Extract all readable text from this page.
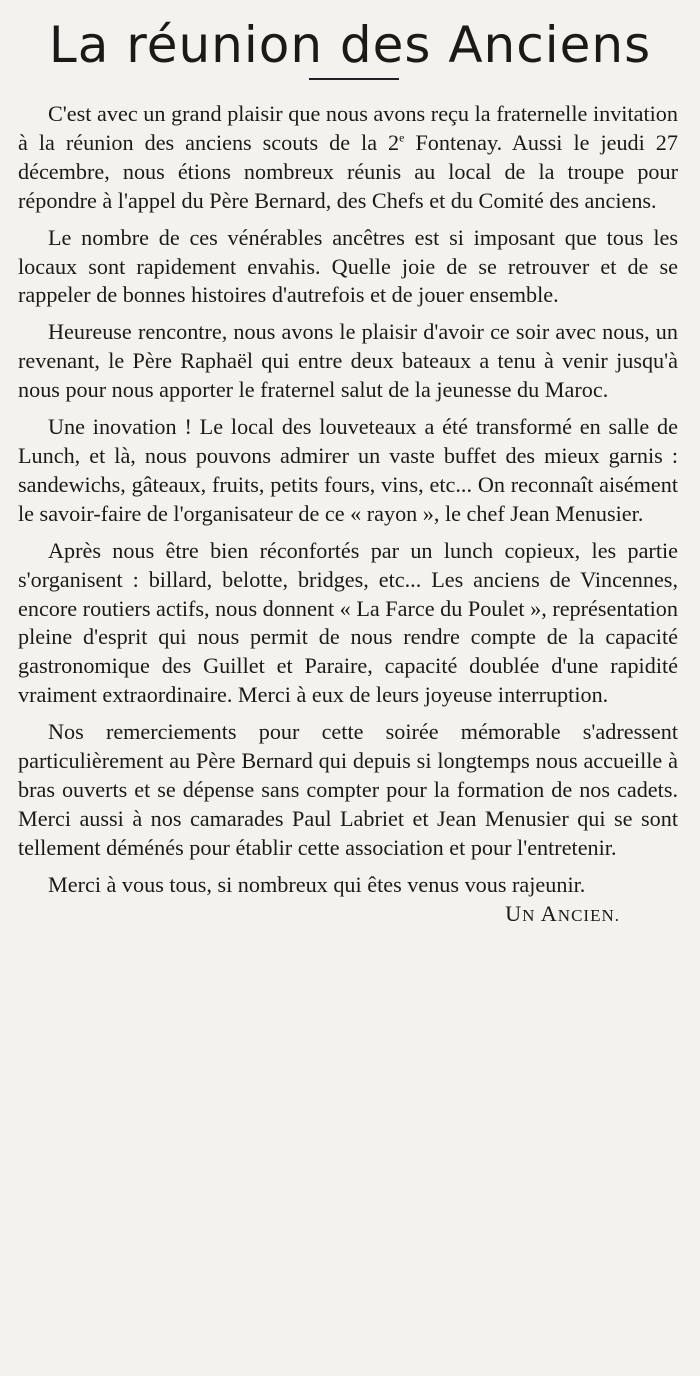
La réunion des Anciens

C'est avec un grand plaisir que nous avons reçu la fraternelle invitation à la réunion des anciens scouts de la 2e Fontenay. Aussi le jeudi 27 décembre, nous étions nombreux réunis au local de la troupe pour répondre à l'appel du Père Bernard, des Chefs et du Comité des anciens.

Le nombre de ces vénérables ancêtres est si imposant que tous les locaux sont rapidement envahis. Quelle joie de se retrouver et de se rappeler de bonnes histoires d'autrefois et de jouer ensemble.

Heureuse rencontre, nous avons le plaisir d'avoir ce soir avec nous, un revenant, le Père Raphaël qui entre deux bateaux a tenu à venir jusqu'à nous pour nous apporter le fraternel salut de la jeunesse du Maroc.

Une inovation ! Le local des louveteaux a été transformé en salle de Lunch, et là, nous pouvons admirer un vaste buffet des mieux garnis : sandewichs, gâteaux, fruits, petits fours, vins, etc... On reconnaît aisément le savoir-faire de l'organisateur de ce « rayon », le chef Jean Menusier.

Après nous être bien réconfortés par un lunch copieux, les partie s'organisent : billard, belotte, bridges, etc... Les anciens de Vincennes, encore routiers actifs, nous donnent « La Farce du Poulet », représentation pleine d'esprit qui nous permit de nous rendre compte de la capacité gastronomique des Guillet et Paraire, capacité doublée d'une rapidité vraiment extraordinaire. Merci à eux de leurs joyeuse interruption.

Nos remerciements pour cette soirée mémorable s'adressent particulièrement au Père Bernard qui depuis si longtemps nous accueille à bras ouverts et se dépense sans compter pour la formation de nos cadets. Merci aussi à nos camarades Paul Labriet et Jean Menusier qui se sont tellement déménés pour établir cette association et pour l'entretenir.

Merci à vous tous, si nombreux qui êtes venus vous rajeunir.
UN ANCIEN.
